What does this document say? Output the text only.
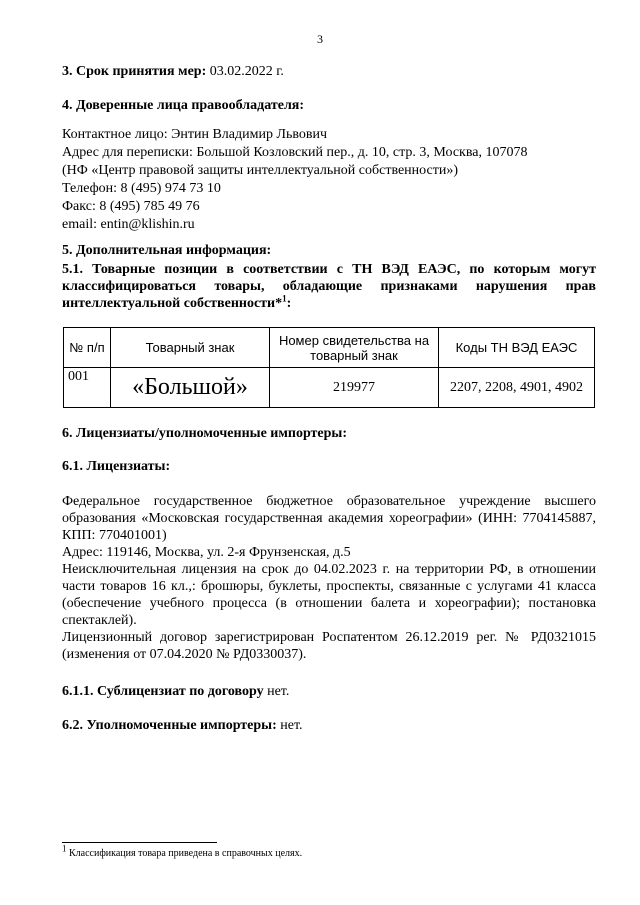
3

3. Срок принятия мер: 03.02.2022 г.

4. Доверенные лица правообладателя:

Контактное лицо: Энтин Владимир Львович

Адрес для переписки: Большой Козловский пер., д. 10, стр. 3, Москва, 107078

(НФ «Центр правовой защиты интеллектуальной собственности»)

Телефон: 8 (495) 974 73 10

Факс: 8 (495) 785 49 76

email: entin@klishin.ru

5. Дополнительная информация:

5.1. Товарные позиции в соответствии с ТН ВЭД ЕАЭС, по которым могут классифицироваться товары, обладающие признаками нарушения прав интеллектуальной собственности*$^1$:

№ п/п	Товарный знак	Номер свидетельства на товарный знак	Коды ТН ВЭД ЕАЭС
001	«Большой»	219977	2207, 2208, 4901, 4902

6. Лицензиаты/уполномоченные импортеры:

6.1. Лицензиаты:

Федеральное государственное бюджетное образовательное учреждение высшего образования «Московская государственная академия хореографии» (ИНН: 7704145887, КПП: 770401001)

Адрес: 119146, Москва, ул. 2-я Фрунзенская, д.5

Неисключительная лицензия на срок до 04.02.2023 г. на территории РФ, в отношении части товаров 16 кл.,: брошюры, буклеты, проспекты, связанные с услугами 41 класса (обеспечение учебного процесса (в отношении балета и хореографии); постановка спектаклей).

Лицензионный договор зарегистрирован Роспатентом 26.12.2019 рег. № РД0321015 (изменения от 07.04.2020 № РД0330037).

6.1.1. Сублицензиат по договору нет.

6.2. Уполномоченные импортеры: нет.

$^1$ Классификация товара приведена в справочных целях.
